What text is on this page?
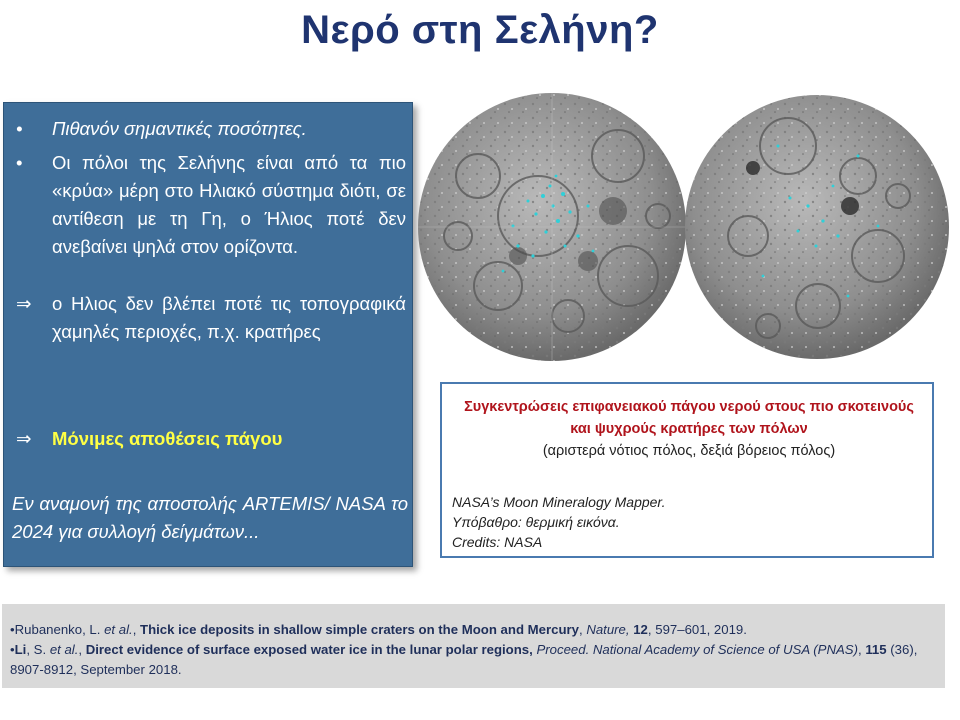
Νερό στη Σελήνη?
•	Πιθανόν σημαντικές ποσότητες.
•	Οι πόλοι της Σελήνης είναι από τα πιο «κρύα» μέρη στο Ηλιακό σύστημα διότι, σε αντίθεση με τη Γη, ο Ήλιος ποτέ δεν ανεβαίνει ψηλά στον ορίζοντα.
⇒	ο Ηλιος δεν βλέπει ποτέ τις τοπογραφικά χαμηλές περιοχές, π.χ. κρατήρες
⇒	Μόνιμες αποθέσεις πάγου
Εν αναμονή της αποστολής ARTEMIS/ NASA το 2024 για συλλογή δείγμάτων...
Συγκεντρώσεις επιφανειακού πάγου νερού στους πιο σκοτεινούς και ψυχρούς κρατήρες των πόλων
(αριστερά νότιος πόλος, δεξιά βόρειος πόλος)
NASA’s Moon Mineralogy Mapper.
Υπόβαθρο: θερμική εικόνα.
Credits: NASA

•Rubanenko, L. et al., Thick ice deposits in shallow simple craters on the Moon and Mercury, Nature, 12, 597–601, 2019.

•Li, S. et al., Direct evidence of surface exposed water ice in the lunar polar regions, Proceed. National Academy of Science of USA (PNAS), 115 (36), 8907-8912, September 2018.
